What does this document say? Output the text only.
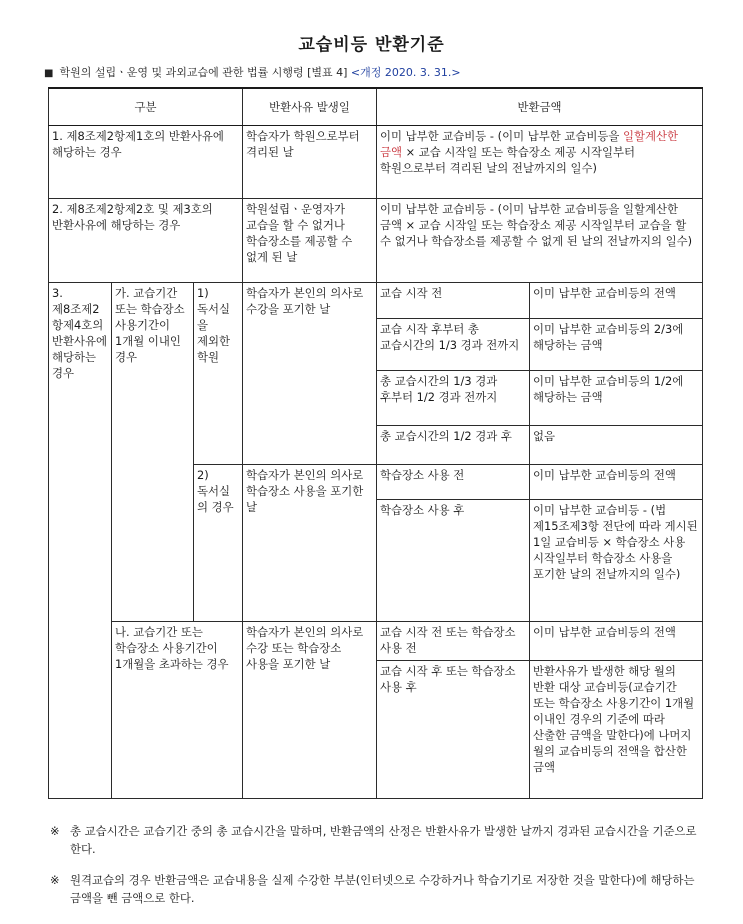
교습비등 반환기준
■ 학원의 설립ㆍ운영 및 과외교습에 관한 법률 시행령 [별표 4] <개정 2020. 3. 31.>
구분			반환사유 발생일	반환금액	
1. 제8조제2항제1호의 반환사유에 해당하는 경우			학습자가 학원으로부터 격리된 날	이미 납부한 교습비등 - (이미 납부한 교습비등을 일할계산한 금액 × 교습 시작일 또는 학습장소 제공 시작일부터 학원으로부터 격리된 날의 전날까지의 일수)	
2. 제8조제2항제2호 및 제3호의 반환사유에 해당하는 경우			학원설립ㆍ운영자가 교습을 할 수 없거나 학습장소를 제공할 수 없게 된 날	이미 납부한 교습비등 - (이미 납부한 교습비등을 일할계산한 금액 × 교습 시작일 또는 학습장소 제공 시작일부터 교습을 할 수 없거나 학습장소를 제공할 수 없게 된 날의 전날까지의 일수)	
3. 제8조제2항제4호의 반환사유에 해당하는 경우	가. 교습기간 또는 학습장소 사용기간이 1개월 이내인 경우	1) 독서실을 제외한 학원	학습자가 본인의 의사로 수강을 포기한 날	교습 시작 전	이미 납부한 교습비등의 전액
				교습 시작 후부터 총 교습시간의 1/3 경과 전까지	이미 납부한 교습비등의 2/3에 해당하는 금액
				총 교습시간의 1/3 경과 후부터 1/2 경과 전까지	이미 납부한 교습비등의 1/2에 해당하는 금액
				총 교습시간의 1/2 경과 후	없음
		2) 독서실의 경우	학습자가 본인의 의사로 학습장소 사용을 포기한 날	학습장소 사용 전	이미 납부한 교습비등의 전액
				학습장소 사용 후	이미 납부한 교습비등 - (법 제15조제3항 전단에 따라 게시된 1일 교습비등 × 학습장소 사용 시작일부터 학습장소 사용을 포기한 날의 전날까지의 일수)
	나. 교습기간 또는 학습장소 사용기간이 1개월을 초과하는 경우		학습자가 본인의 의사로 수강 또는 학습장소 사용을 포기한 날	교습 시작 전 또는 학습장소 사용 전	이미 납부한 교습비등의 전액
				교습 시작 후 또는 학습장소 사용 후	반환사유가 발생한 해당 월의 반환 대상 교습비등(교습기간 또는 학습장소 사용기간이 1개월 이내인 경우의 기준에 따라 산출한 금액을 말한다)에 나머지 월의 교습비등의 전액을 합산한 금액
※ 총 교습시간은 교습기간 중의 총 교습시간을 말하며, 반환금액의 산정은 반환사유가 발생한 날까지 경과된 교습시간을 기준으로 한다.
※ 원격교습의 경우 반환금액은 교습내용을 실제 수강한 부분(인터넷으로 수강하거나 학습기기로 저장한 것을 말한다)에 해당하는 금액을 뺀 금액으로 한다.
